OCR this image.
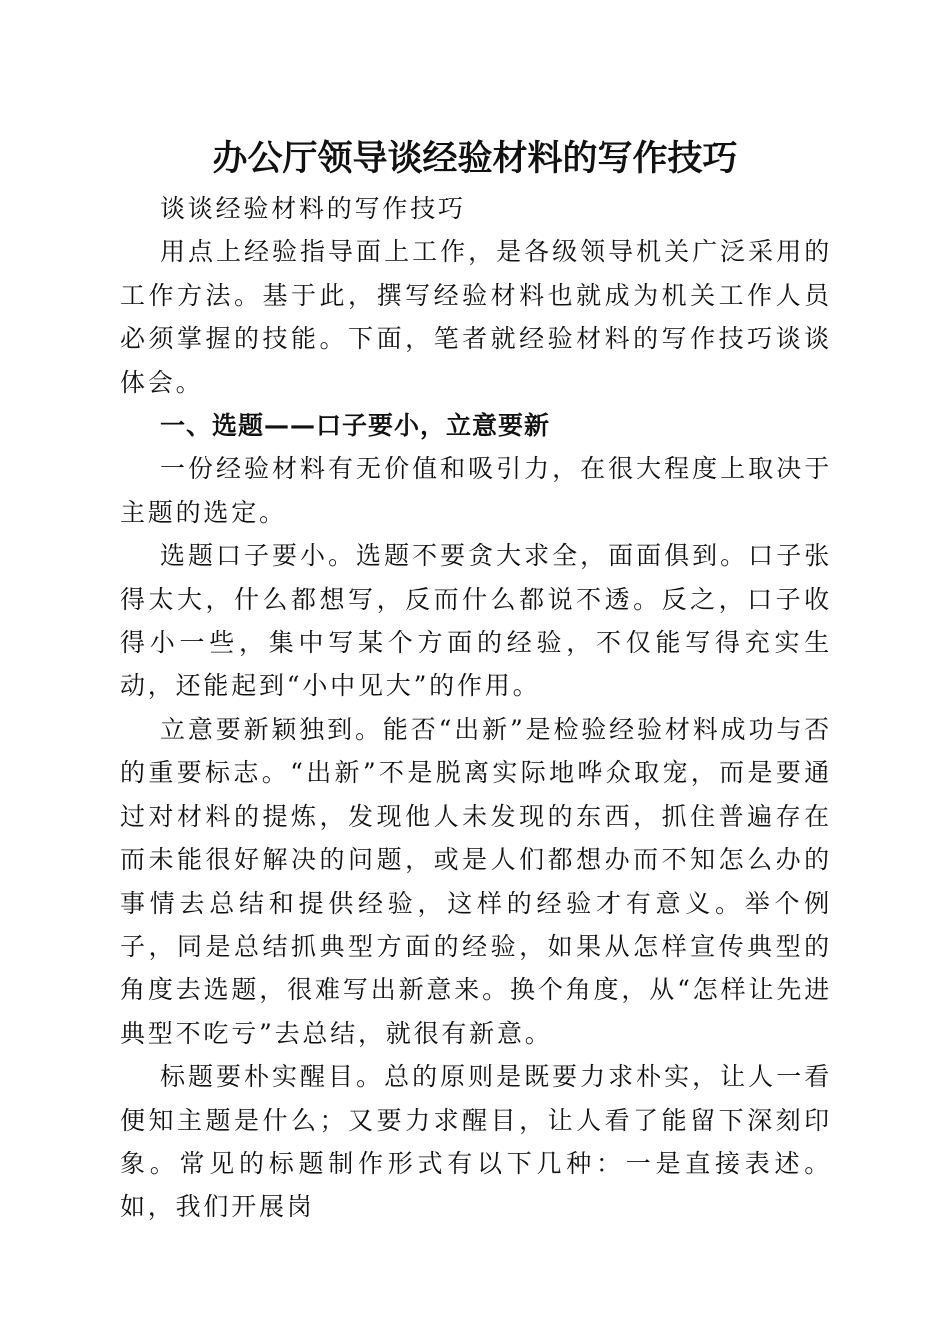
办公厅领导谈经验材料的写作技巧

谈谈经验材料的写作技巧

用点上经验指导面上工作，是各级领导机关广泛采用的工作方法。基于此，撰写经验材料也就成为机关工作人员必须掌握的技能。下面，笔者就经验材料的写作技巧谈谈体会。

一、选题——口子要小，立意要新

一份经验材料有无价值和吸引力，在很大程度上取决于主题的选定。

选题口子要小。选题不要贪大求全，面面俱到。口子张得太大，什么都想写，反而什么都说不透。反之，口子收得小一些，集中写某个方面的经验，不仅能写得充实生动，还能起到“小中见大”的作用。

立意要新颖独到。能否“出新”是检验经验材料成功与否的重要标志。“出新”不是脱离实际地哗众取宠，而是要通过对材料的提炼，发现他人未发现的东西，抓住普遍存在而未能很好解决的问题，或是人们都想办而不知怎么办的事情去总结和提供经验，这样的经验才有意义。举个例子，同是总结抓典型方面的经验，如果从怎样宣传典型的角度去选题，很难写出新意来。换个角度，从“怎样让先进典型不吃亏”去总结，就很有新意。

标题要朴实醒目。总的原则是既要力求朴实，让人一看便知主题是什么；又要力求醒目，让人看了能留下深刻印象。常见的标题制作形式有以下几种：一是直接表述。如，我们开展岗
